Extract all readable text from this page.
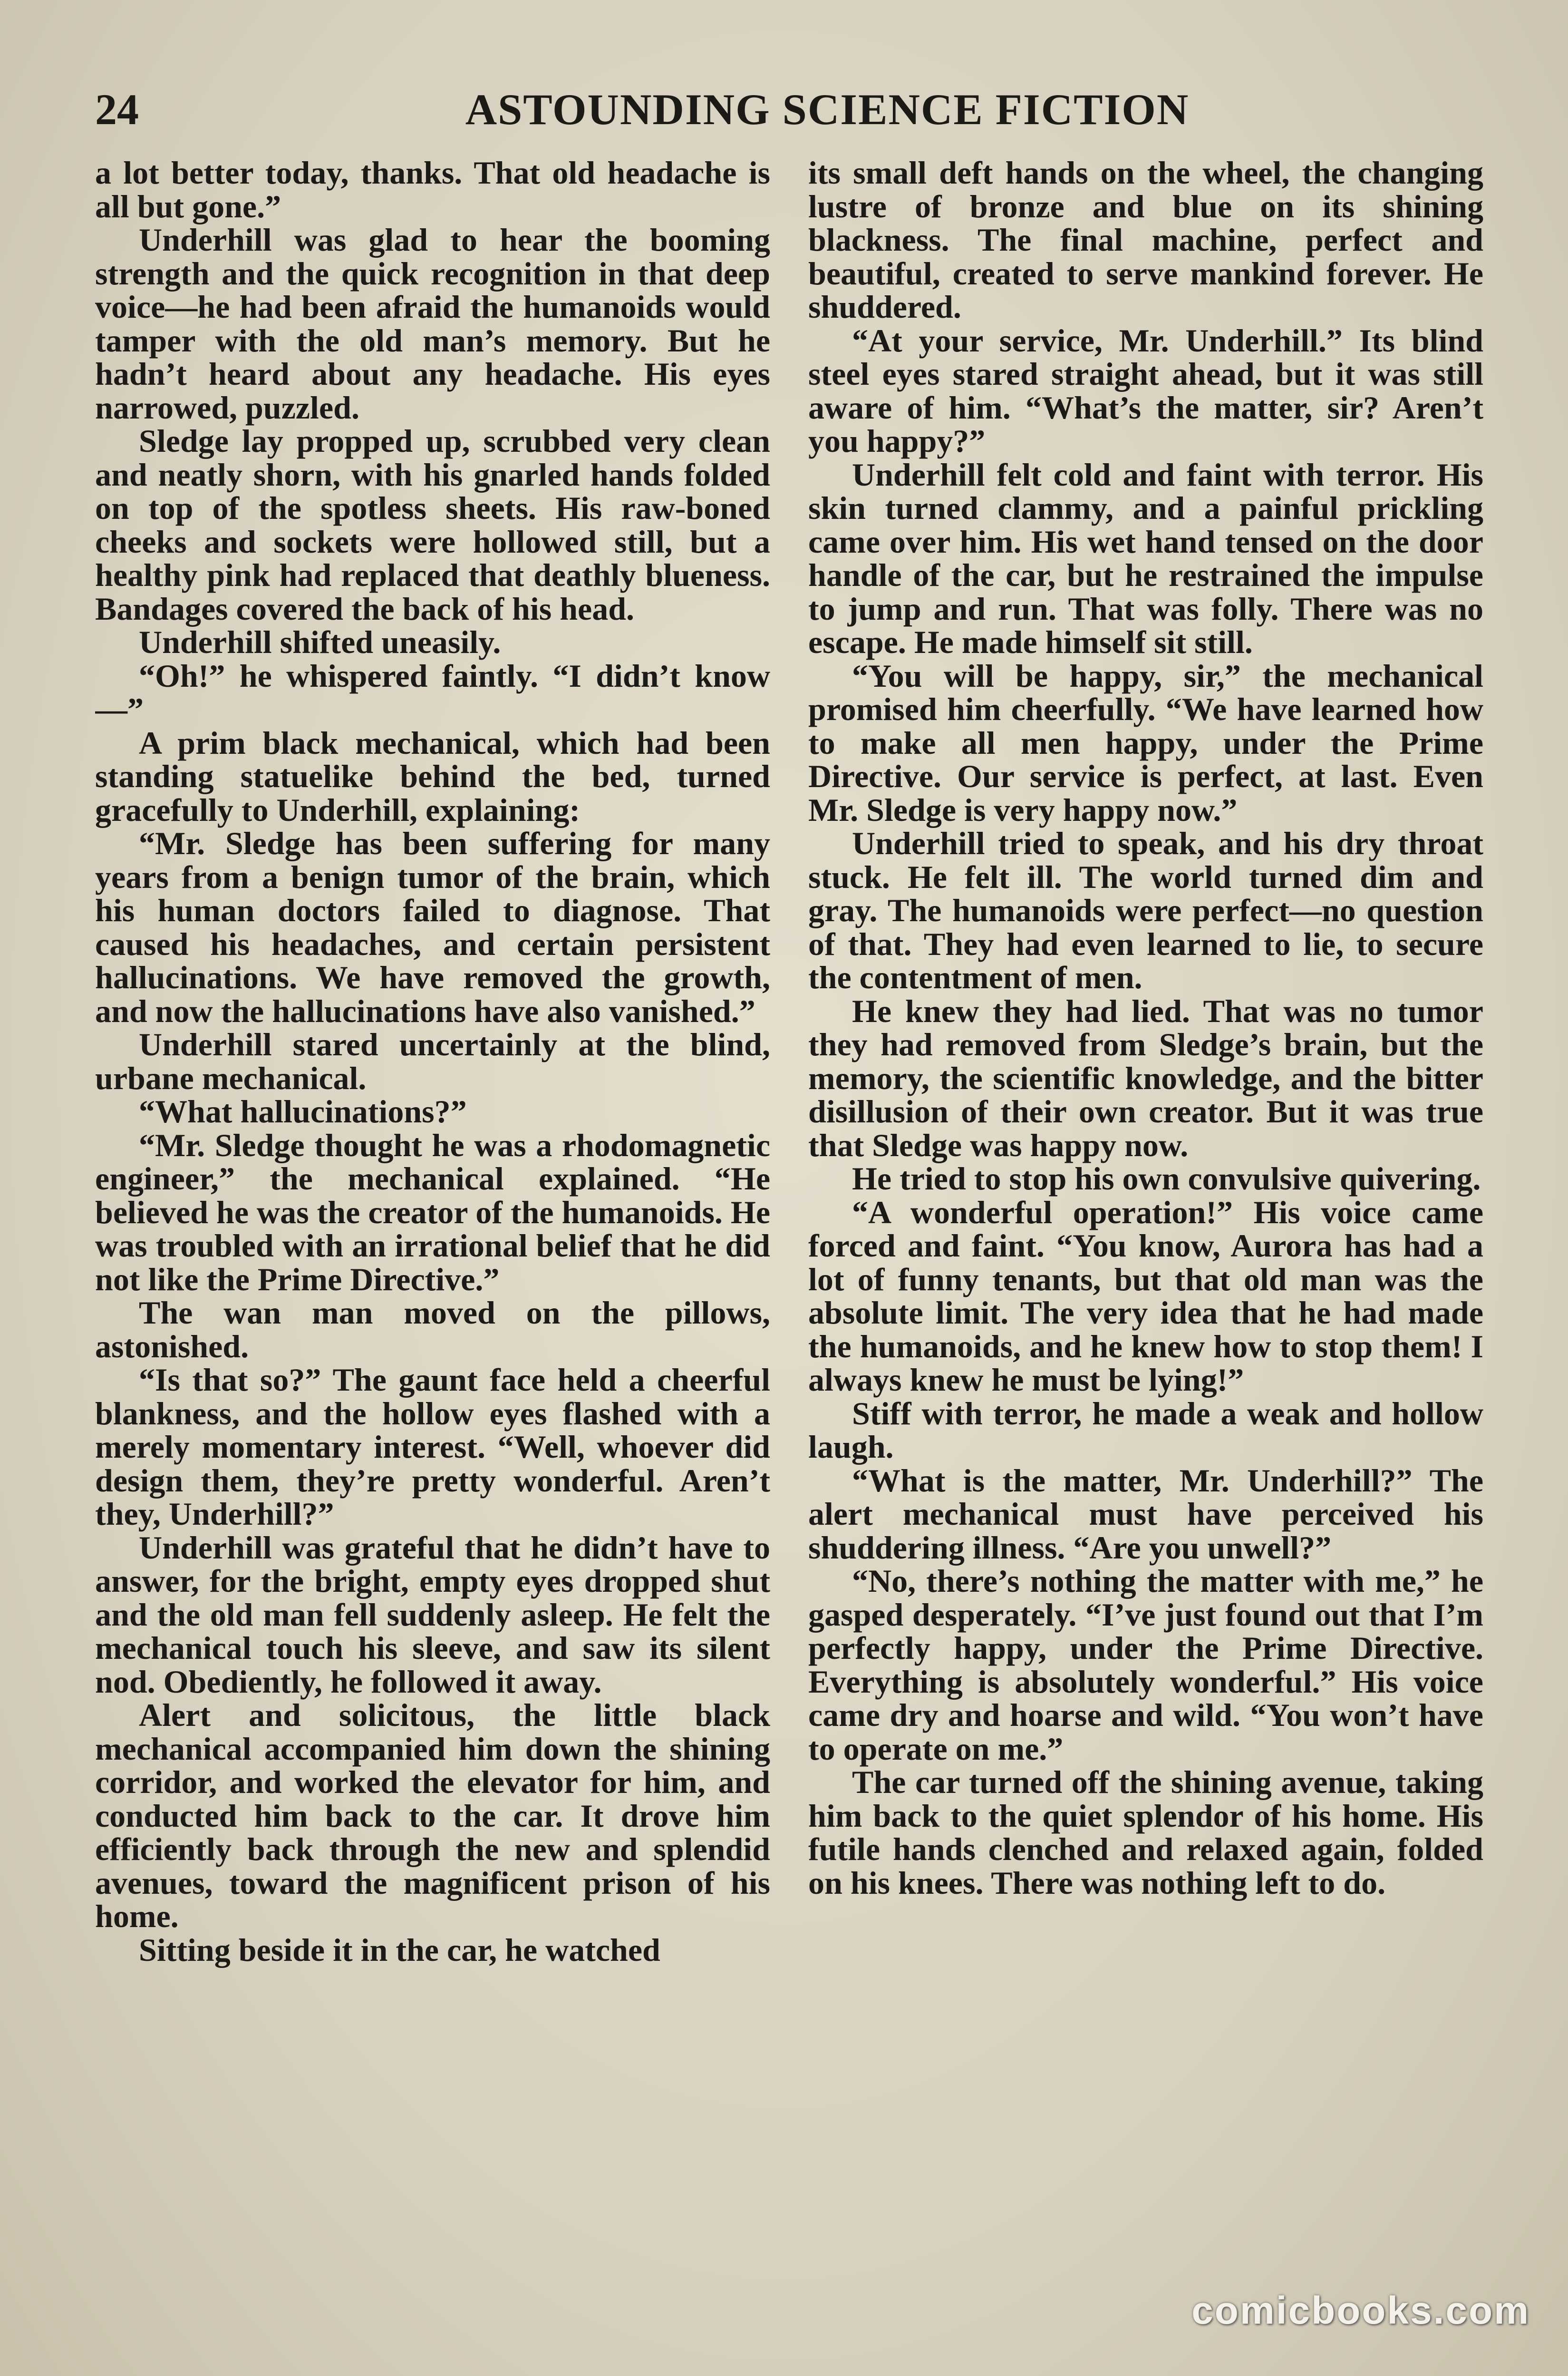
24	ASTOUNDING SCIENCE FICTION

a lot better today, thanks. That old headache is all but gone.”

Underhill was glad to hear the booming strength and the quick recognition in that deep voice—he had been afraid the humanoids would tamper with the old man’s memory. But he hadn’t heard about any headache. His eyes narrowed, puzzled.

Sledge lay propped up, scrubbed very clean and neatly shorn, with his gnarled hands folded on top of the spotless sheets. His raw-boned cheeks and sockets were hollowed still, but a healthy pink had replaced that deathly blueness. Bandages covered the back of his head.

Underhill shifted uneasily.

“Oh!” he whispered faintly. “I didn’t know—”

A prim black mechanical, which had been standing statuelike behind the bed, turned gracefully to Underhill, explaining:

“Mr. Sledge has been suffering for many years from a benign tumor of the brain, which his human doctors failed to diagnose. That caused his headaches, and certain persistent hallucinations. We have removed the growth, and now the hallucinations have also vanished.”

Underhill stared uncertainly at the blind, urbane mechanical.

“What hallucinations?”

“Mr. Sledge thought he was a rhodomagnetic engineer,” the mechanical explained. “He believed he was the creator of the humanoids. He was troubled with an irrational belief that he did not like the Prime Directive.”

The wan man moved on the pillows, astonished.

“Is that so?” The gaunt face held a cheerful blankness, and the hollow eyes flashed with a merely momentary interest. “Well, whoever did design them, they’re pretty wonderful. Aren’t they, Underhill?”

Underhill was grateful that he didn’t have to answer, for the bright, empty eyes dropped shut and the old man fell suddenly asleep. He felt the mechanical touch his sleeve, and saw its silent nod. Obediently, he followed it away.

Alert and solicitous, the little black mechanical accompanied him down the shining corridor, and worked the elevator for him, and conducted him back to the car. It drove him efficiently back through the new and splendid avenues, toward the magnificent prison of his home.

Sitting beside it in the car, he watched

its small deft hands on the wheel, the changing lustre of bronze and blue on its shining blackness. The final machine, perfect and beautiful, created to serve mankind forever. He shuddered.

“At your service, Mr. Underhill.” Its blind steel eyes stared straight ahead, but it was still aware of him. “What’s the matter, sir? Aren’t you happy?”

Underhill felt cold and faint with terror. His skin turned clammy, and a painful prickling came over him. His wet hand tensed on the door handle of the car, but he restrained the impulse to jump and run. That was folly. There was no escape. He made himself sit still.

“You will be happy, sir,” the mechanical promised him cheerfully. “We have learned how to make all men happy, under the Prime Directive. Our service is perfect, at last. Even Mr. Sledge is very happy now.”

Underhill tried to speak, and his dry throat stuck. He felt ill. The world turned dim and gray. The humanoids were perfect—no question of that. They had even learned to lie, to secure the contentment of men.

He knew they had lied. That was no tumor they had removed from Sledge’s brain, but the memory, the scientific knowledge, and the bitter disillusion of their own creator. But it was true that Sledge was happy now.

He tried to stop his own convulsive quivering.

“A wonderful operation!” His voice came forced and faint. “You know, Aurora has had a lot of funny tenants, but that old man was the absolute limit. The very idea that he had made the humanoids, and he knew how to stop them! I always knew he must be lying!”

Stiff with terror, he made a weak and hollow laugh.

“What is the matter, Mr. Underhill?” The alert mechanical must have perceived his shuddering illness. “Are you unwell?”

“No, there’s nothing the matter with me,” he gasped desperately. “I’ve just found out that I’m perfectly happy, under the Prime Directive. Everything is absolutely wonderful.” His voice came dry and hoarse and wild. “You won’t have to operate on me.”

The car turned off the shining avenue, taking him back to the quiet splendor of his home. His futile hands clenched and relaxed again, folded on his knees. There was nothing left to do.

comicbooks.com
